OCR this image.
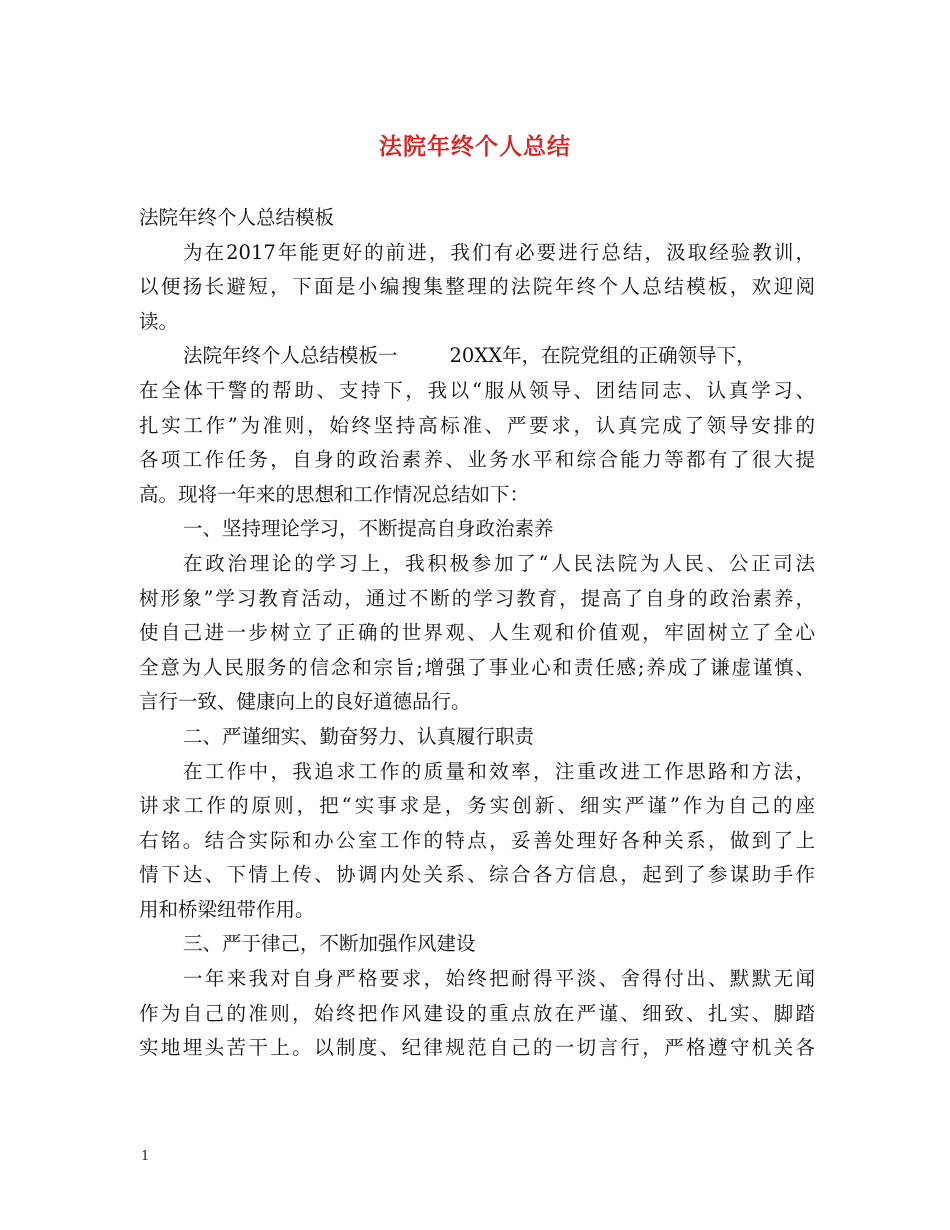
法院年终个人总结
法院年终个人总结模板
为在2017年能更好的前进，我们有必要进行总结，汲取经验教训，
以便扬长避短，下面是小编搜集整理的法院年终个人总结模板，欢迎阅
读。
法院年终个人总结模板一	20XX年，在院党组的正确领导下，
在全体干警的帮助、支持下，我以“服从领导、团结同志、认真学习、
扎实工作”为准则，始终坚持高标准、严要求，认真完成了领导安排的
各项工作任务，自身的政治素养、业务水平和综合能力等都有了很大提
高。现将一年来的思想和工作情况总结如下：
一、坚持理论学习，不断提高自身政治素养
在政治理论的学习上，我积极参加了“人民法院为人民、公正司法
树形象”学习教育活动，通过不断的学习教育，提高了自身的政治素养，
使自己进一步树立了正确的世界观、人生观和价值观，牢固树立了全心
全意为人民服务的信念和宗旨;增强了事业心和责任感;养成了谦虚谨慎、
言行一致、健康向上的良好道德品行。
二、严谨细实、勤奋努力、认真履行职责
在工作中，我追求工作的质量和效率，注重改进工作思路和方法，
讲求工作的原则，把“实事求是，务实创新、细实严谨”作为自己的座
右铭。结合实际和办公室工作的特点，妥善处理好各种关系，做到了上
情下达、下情上传、协调内处关系、综合各方信息，起到了参谋助手作
用和桥梁纽带作用。
三、严于律己，不断加强作风建设
一年来我对自身严格要求，始终把耐得平淡、舍得付出、默默无闻
作为自己的准则，始终把作风建设的重点放在严谨、细致、扎实、脚踏
实地埋头苦干上。以制度、纪律规范自己的一切言行，严格遵守机关各
1
